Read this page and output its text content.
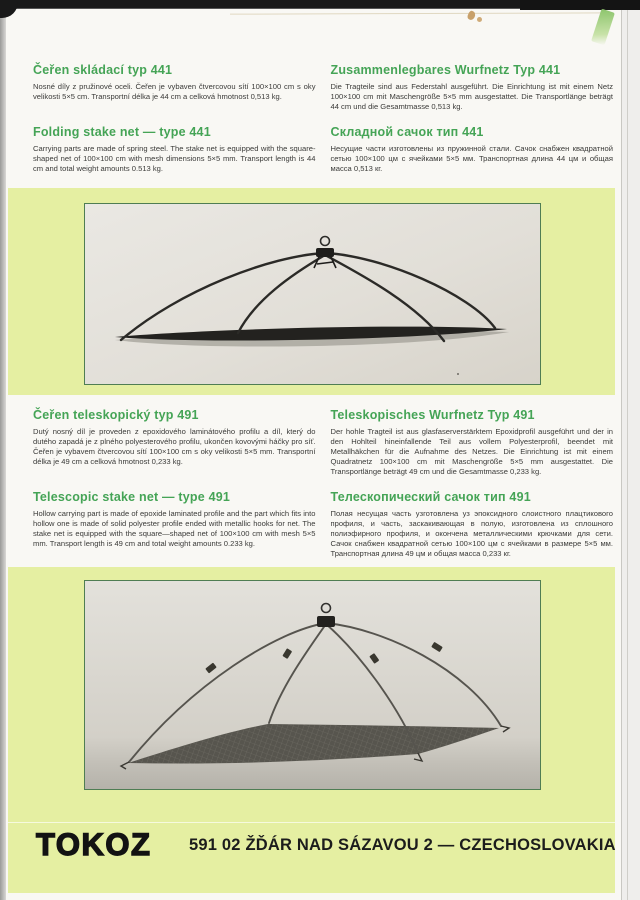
Čeřen skládací typ 441

Nosné díly z pružinové oceli. Čeřen je vybaven čtvercovou sítí 100×100 cm s oky velikosti 5×5 cm. Transportní délka je 44 cm a celková hmotnost 0,513 kg.

Zusammenlegbares Wurfnetz Typ 441

Die Tragteile sind aus Federstahl ausgeführt. Die Einrichtung ist mit einem Netz 100×100 cm mit Maschengröße 5×5 mm ausgestattet. Die Transportlänge beträgt 44 cm und die Gesamtmasse 0,513 kg.

Folding stake net — type 441

Carrying parts are made of spring steel. The stake net is equipped with the square-shaped net of 100×100 cm with mesh dimensions 5×5 mm. Transport length is 44 cm and total weight amounts 0.513 kg.

Складной сачок тип 441

Несущие части изготовлены из пружинной стали. Сачок снабжен квадратной сетью 100×100 цм с ячейками 5×5 мм. Транспортная длина 44 цм и общая масса 0,513 кг.

Čeřen teleskopický typ 491

Dutý nosný díl je proveden z epoxidového laminátového profilu a díl, který do dutého zapadá je z plného polyesterového profilu, ukončen kovovými háčky pro síť. Čeřen je vybavem čtvercovou sítí 100×100 cm s oky velikosti 5×5 mm. Transportní délka je 49 cm a celková hmotnost 0,233 kg.

Teleskopisches Wurfnetz Typ 491

Der hohle Tragteil ist aus glasfaserverstärktem Epoxidprofil ausgeführt und der in den Hohlteil hineinfallende Teil aus vollem Polyesterprofil, beendet mit Metallhäkchen für die Aufnahme des Netzes. Die Einrichtung ist mit einem Quadratnetz 100×100 cm mit Maschengröße 5×5 mm ausgestattet. Die Transportlänge beträgt 49 cm und die Gesamtmasse 0,233 kg.

Telescopic stake net — type 491

Hollow carrying part is made of epoxide laminated profile and the part which fits into hollow one is made of solid polyester profile ended with metallic hooks for net. The stake net is equipped with the square—shaped net of 100×100 cm with mesh 5×5 mm. Transport length is 49 cm and total weight amounts 0.233 kg.

Телескопический сачок тип 491

Полая несущая часть узготовлена уз эпоксидного слоистного плацтикового профиля, и часть, заскакивающая в полую, изготовлена из сплошного полиэфирного профиля, и окончена металлическими крючками для сети. Сачок снабжен квадратной сетью 100×100 цм с ячейками в размере 5×5 мм. Транспортная длина 49 цм и общая масса 0,233 кг.

TOKOZ 591 02 ŽĎÁR NAD SÁZAVOU 2 — CZECHOSLOVAKIA
